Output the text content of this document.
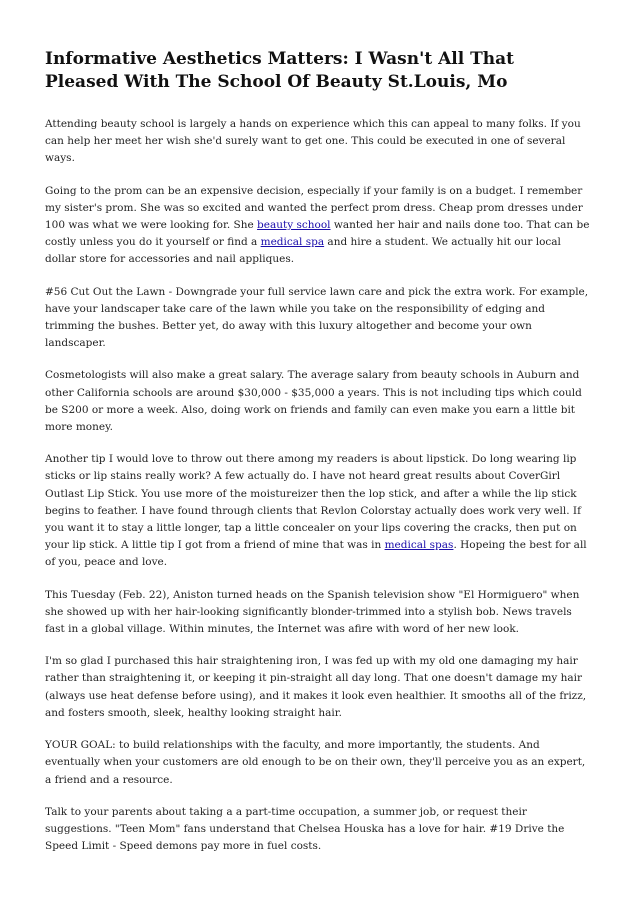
Informative Aesthetics Matters: I Wasn't All That Pleased With The School Of Beauty St.Louis, Mo

Attending beauty school is largely a hands on experience which this can appeal to many folks. If you can help her meet her wish she'd surely want to get one. This could be executed in one of several ways.

Going to the prom can be an expensive decision, especially if your family is on a budget. I remember my sister's prom. She was so excited and wanted the perfect prom dress. Cheap prom dresses under 100 was what we were looking for. She beauty school wanted her hair and nails done too. That can be costly unless you do it yourself or find a medical spa and hire a student. We actually hit our local dollar store for accessories and nail appliques.

#56 Cut Out the Lawn - Downgrade your full service lawn care and pick the extra work. For example, have your landscaper take care of the lawn while you take on the responsibility of edging and trimming the bushes. Better yet, do away with this luxury altogether and become your own landscaper.

Cosmetologists will also make a great salary. The average salary from beauty schools in Auburn and other California schools are around $30,000 - $35,000 a years. This is not including tips which could be S200 or more a week. Also, doing work on friends and family can even make you earn a little bit more money.

Another tip I would love to throw out there among my readers is about lipstick. Do long wearing lip sticks or lip stains really work? A few actually do. I have not heard great results about CoverGirl Outlast Lip Stick. You use more of the moistureizer then the lop stick, and after a while the lip stick begins to feather. I have found through clients that Revlon Colorstay actually does work very well. If you want it to stay a little longer, tap a little concealer on your lips covering the cracks, then put on your lip stick. A little tip I got from a friend of mine that was in medical spas. Hopeing the best for all of you, peace and love.

This Tuesday (Feb. 22), Aniston turned heads on the Spanish television show "El Hormiguero" when she showed up with her hair-looking significantly blonder-trimmed into a stylish bob. News travels fast in a global village. Within minutes, the Internet was afire with word of her new look.

I'm so glad I purchased this hair straightening iron, I was fed up with my old one damaging my hair rather than straightening it, or keeping it pin-straight all day long. That one doesn't damage my hair (always use heat defense before using), and it makes it look even healthier. It smooths all of the frizz, and fosters smooth, sleek, healthy looking straight hair.

YOUR GOAL: to build relationships with the faculty, and more importantly, the students. And eventually when your customers are old enough to be on their own, they'll perceive you as an expert, a friend and a resource.

Talk to your parents about taking a a part-time occupation, a summer job, or request their suggestions. "Teen Mom" fans understand that Chelsea Houska has a love for hair. #19 Drive the Speed Limit - Speed demons pay more in fuel costs.
